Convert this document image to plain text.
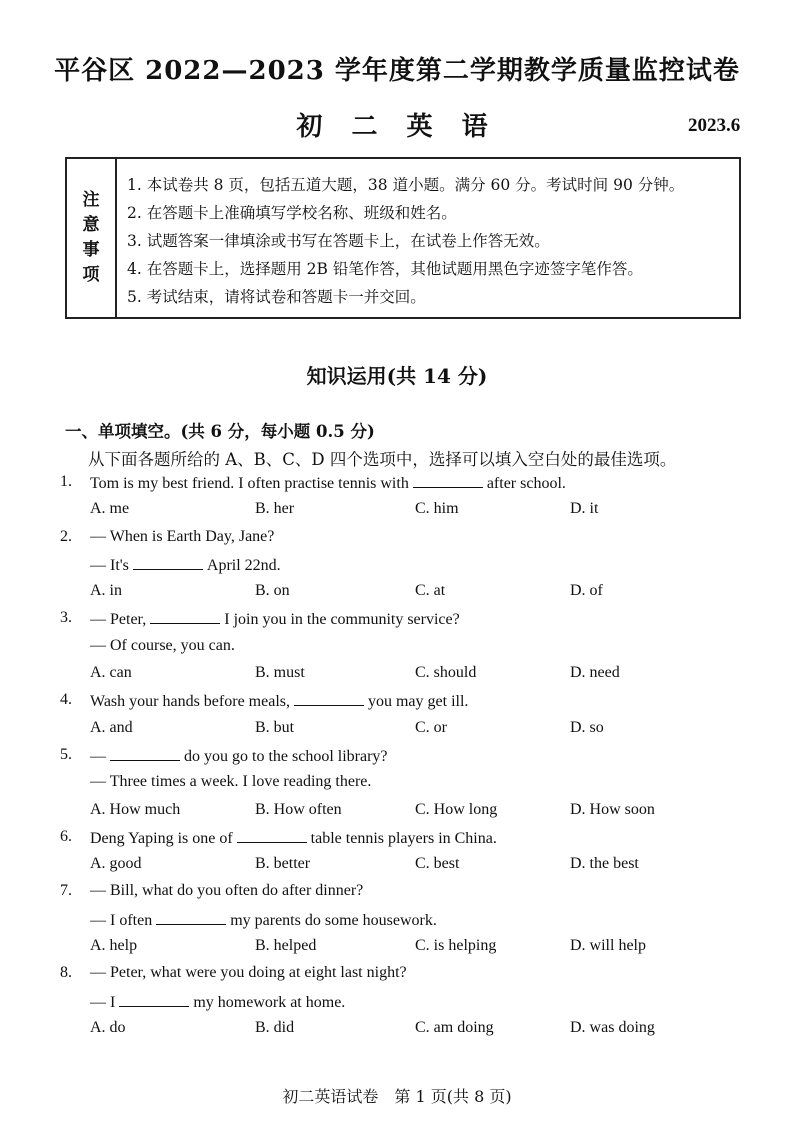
平谷区 2022—2023 学年度第二学期教学质量监控试卷
初 二 英 语	2023.6
注
意
事
项
1. 本试卷共 8 页，包括五道大题，38 道小题。满分 60 分。考试时间 90 分钟。
2. 在答题卡上准确填写学校名称、班级和姓名。
3. 试题答案一律填涂或书写在答题卡上，在试卷上作答无效。
4. 在答题卡上，选择题用 2B 铅笔作答，其他试题用黑色字迹签字笔作答。
5. 考试结束，请将试卷和答题卡一并交回。
知识运用(共 14 分)
一、单项填空。(共 6 分，每小题 0.5 分)
从下面各题所给的 A、B、C、D 四个选项中，选择可以填入空白处的最佳选项。
1. Tom is my best friend. I often practise tennis with	after school.
A. me	B. her	C. him	D. it
2. — When is Earth Day, Jane?
— It's	April 22nd.
A. in	B. on	C. at	D. of
3. — Peter,	I join you in the community service?
— Of course, you can.
A. can	B. must	C. should	D. need
4. Wash your hands before meals,	you may get ill.
A. and	B. but	C. or	D. so
5. —	do you go to the school library?
— Three times a week. I love reading there.
A. How much	B. How often	C. How long	D. How soon
6. Deng Yaping is one of	table tennis players in China.
A. good	B. better	C. best	D. the best
7. — Bill, what do you often do after dinner?
— I often	my parents do some housework.
A. help	B. helped	C. is helping	D. will help
8. — Peter, what were you doing at eight last night?
— I	my homework at home.
A. do	B. did	C. am doing	D. was doing
初二英语试卷　第 1 页(共 8 页)
